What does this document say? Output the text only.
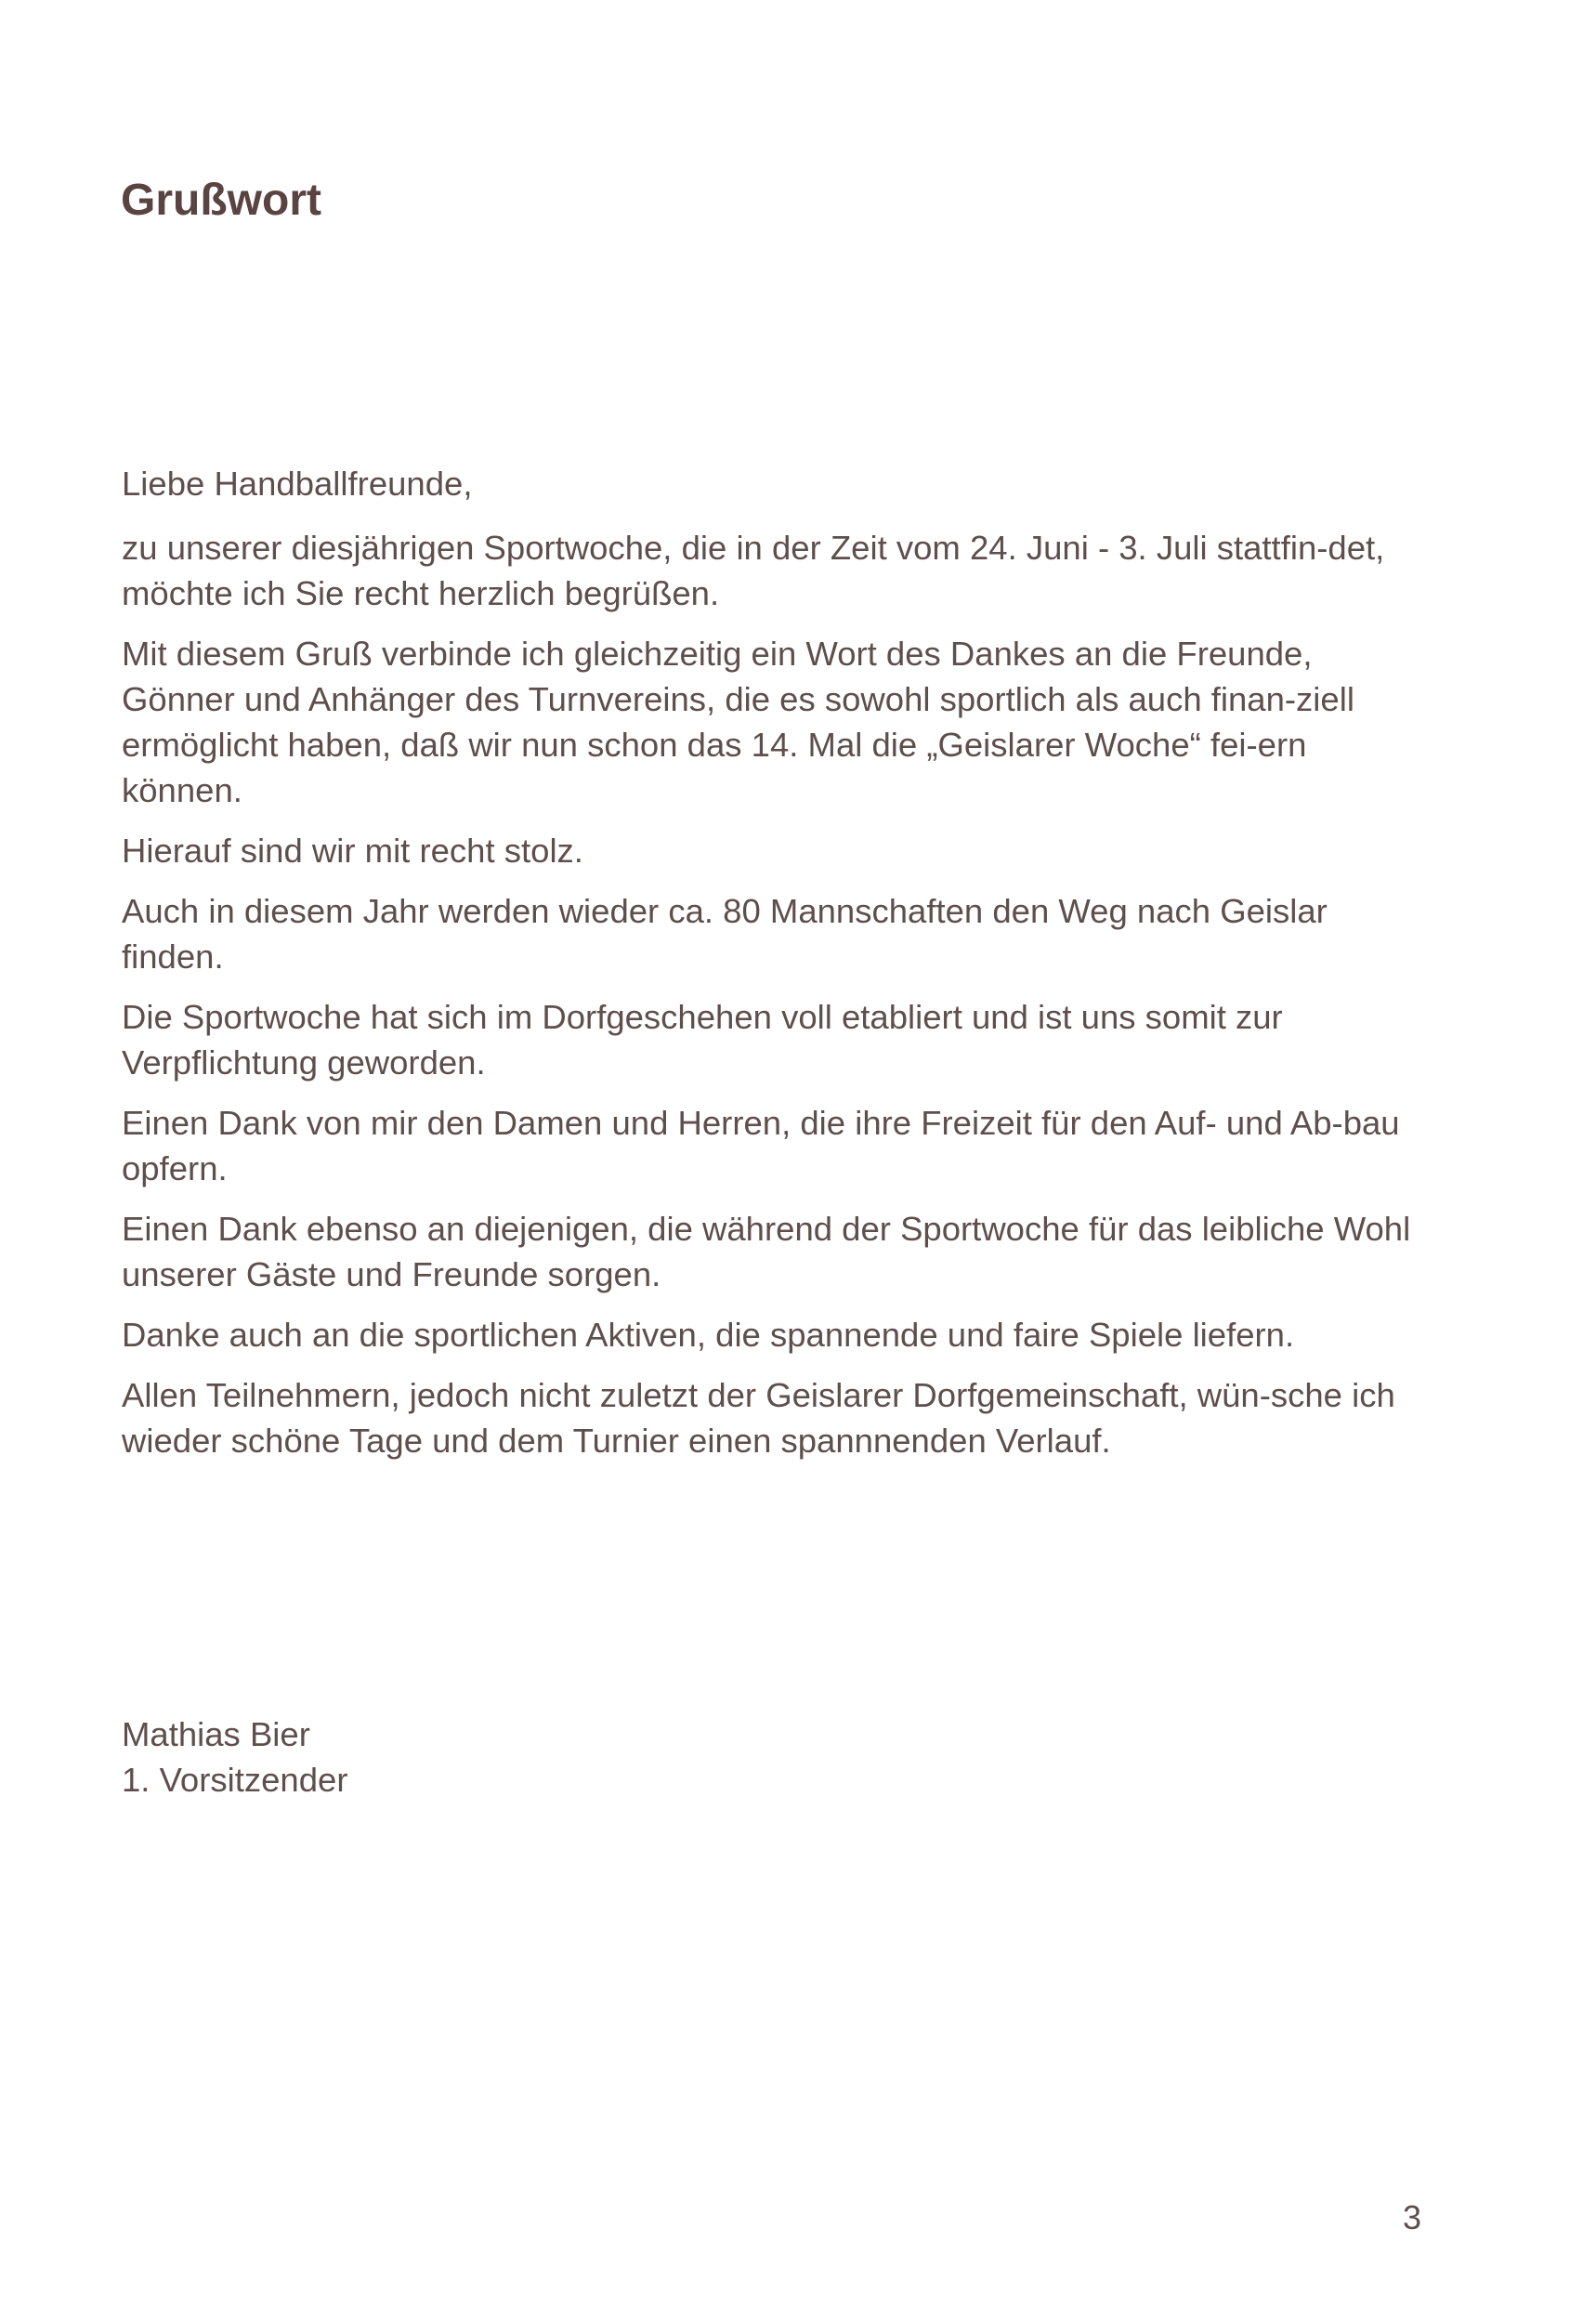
Grußwort

Liebe Handballfreunde,

zu unserer diesjährigen Sportwoche, die in der Zeit vom 24. Juni - 3. Juli stattfin-det, möchte ich Sie recht herzlich begrüßen.

Mit diesem Gruß verbinde ich gleichzeitig ein Wort des Dankes an die Freunde, Gönner und Anhänger des Turnvereins, die es sowohl sportlich als auch finan-ziell ermöglicht haben, daß wir nun schon das 14. Mal die „Geislarer Woche“ fei-ern können.

Hierauf sind wir mit recht stolz.

Auch in diesem Jahr werden wieder ca. 80 Mannschaften den Weg nach Geislar finden.

Die Sportwoche hat sich im Dorfgeschehen voll etabliert und ist uns somit zur Verpflichtung geworden.

Einen Dank von mir den Damen und Herren, die ihre Freizeit für den Auf- und Ab-bau opfern.

Einen Dank ebenso an diejenigen, die während der Sportwoche für das leibliche Wohl unserer Gäste und Freunde sorgen.

Danke auch an die sportlichen Aktiven, die spannende und faire Spiele liefern.

Allen Teilnehmern, jedoch nicht zuletzt der Geislarer Dorfgemeinschaft, wün-sche ich wieder schöne Tage und dem Turnier einen spannnenden Verlauf.

Mathias Bier
1. Vorsitzender
3
